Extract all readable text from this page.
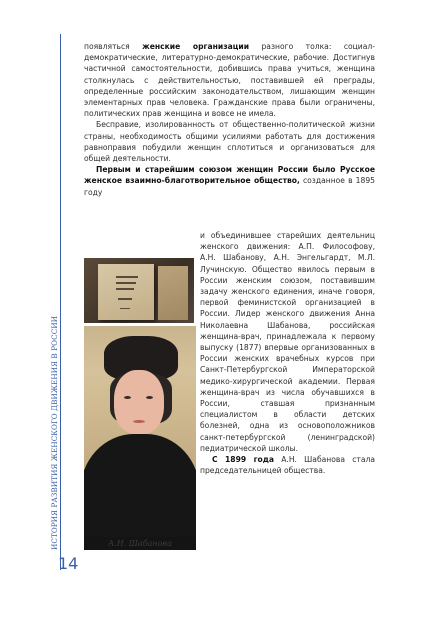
ИСТОРИЯ РАЗВИТИЯ ЖЕНСКОГО ДВИЖЕНИЯ В РОССИИ
14

появляться женские организации разного толка: социал-демократические, литературно-демократические, рабочие. Достигнув частичной самостоятельности, добившись права учиться, женщина столкнулась с действительностью, поставившей ей преграды, определенные российским законодательством, лишающим женщин элементарных прав человека. Гражданские права были ограничены, политических прав женщина и вовсе не имела.

Бесправие, изолированность от общественно-политической жизни страны, необходимость общими усилиями работать для достижения равноправия побудили женщин сплотиться и организоваться для общей деятельности.

Первым и старейшим союзом женщин России было Русское женское взаимно-благотворительное общество, созданное в 1895 году

А.Н. Шабанова

и объединившее старейших деятельниц женского движения: А.П. Философову, А.Н. Шабанову, А.Н. Энгельгардт, М.Л. Лучинскую. Общество явилось первым в России женским союзом, поставившим задачу женского единения, иначе говоря, первой феминистской организацией в России. Лидер женского движения Анна Николаевна Шабанова, российская женщина-врач, принадлежала к первому выпуску (1877) впервые организованных в России женских врачебных курсов при Санкт-Петербургской Императорской медико-хирургической академии. Первая женщина-врач из числа обучавшихся в России, ставшая признанным специалистом в области детских болезней, одна из основоположников санкт-петербургской (ленинградской) педиатрической школы.

С 1899 года А.Н. Шабанова стала председательницей общества.
